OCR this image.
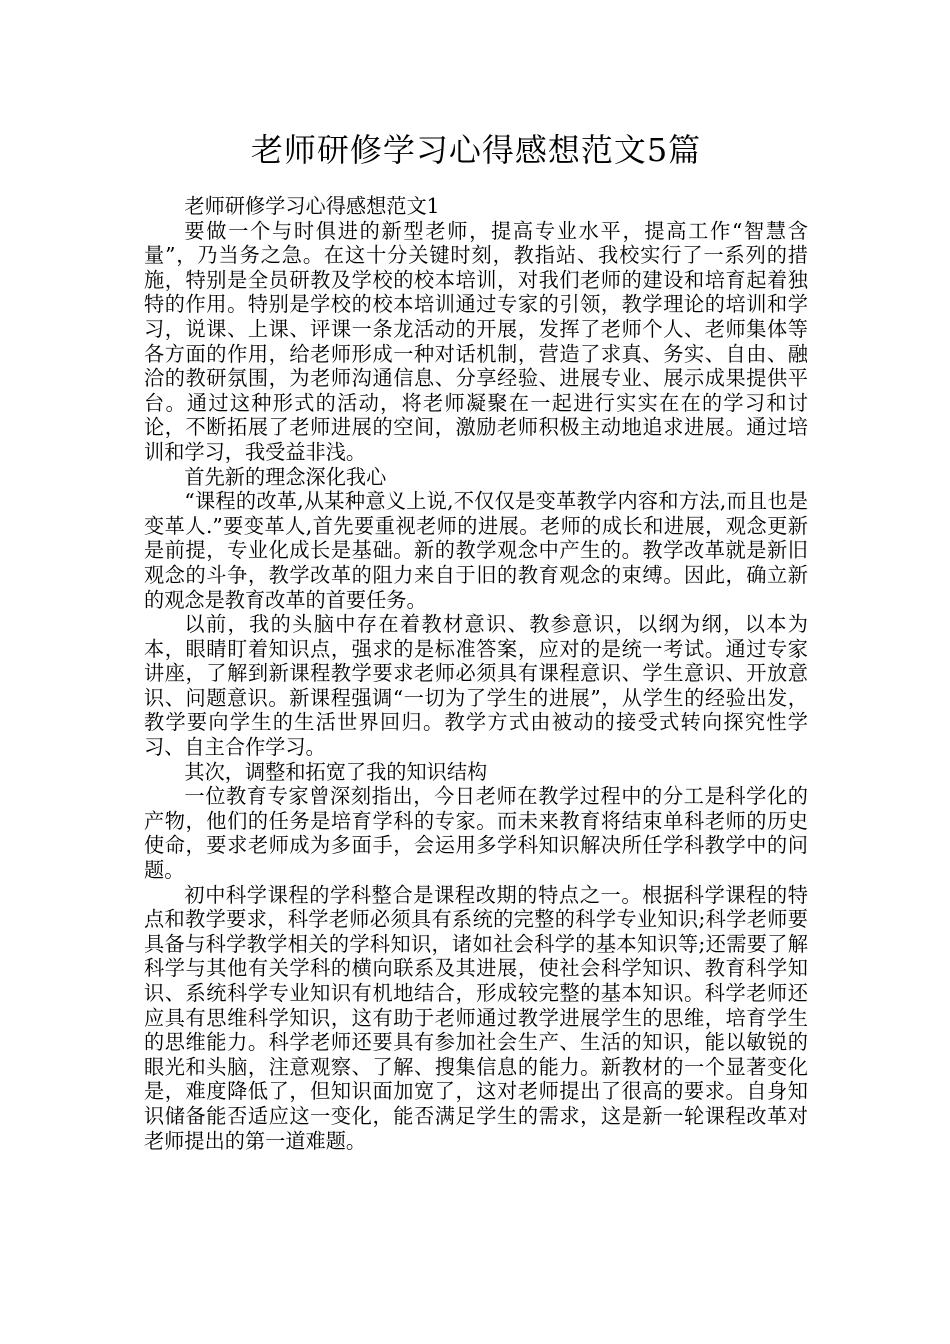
老师研修学习心得感想范文5篇

老师研修学习心得感想范文1

要做一个与时俱进的新型老师，提高专业水平，提高工作“智慧含量”，乃当务之急。在这十分关键时刻，教指站、我校实行了一系列的措施，特别是全员研教及学校的校本培训，对我们老师的建设和培育起着独特的作用。特别是学校的校本培训通过专家的引领，教学理论的培训和学习，说课、上课、评课一条龙活动的开展，发挥了老师个人、老师集体等各方面的作用，给老师形成一种对话机制，营造了求真、务实、自由、融洽的教研氛围，为老师沟通信息、分享经验、进展专业、展示成果提供平台。通过这种形式的活动，将老师凝聚在一起进行实实在在的学习和讨论，不断拓展了老师进展的空间，激励老师积极主动地追求进展。通过培训和学习，我受益非浅。

首先新的理念深化我心

“课程的改革,从某种意义上说,不仅仅是变革教学内容和方法,而且也是变革人.”要变革人,首先要重视老师的进展。老师的成长和进展，观念更新是前提，专业化成长是基础。新的教学观念中产生的。教学改革就是新旧观念的斗争，教学改革的阻力来自于旧的教育观念的束缚。因此，确立新的观念是教育改革的首要任务。

以前，我的头脑中存在着教材意识、教参意识，以纲为纲，以本为本，眼睛盯着知识点，强求的是标准答案，应对的是统一考试。通过专家讲座，了解到新课程教学要求老师必须具有课程意识、学生意识、开放意识、问题意识。新课程强调“一切为了学生的进展”，从学生的经验出发，教学要向学生的生活世界回归。教学方式由被动的接受式转向探究性学习、自主合作学习。

其次，调整和拓宽了我的知识结构

一位教育专家曾深刻指出，今日老师在教学过程中的分工是科学化的产物，他们的任务是培育学科的专家。而未来教育将结束单科老师的历史使命，要求老师成为多面手，会运用多学科知识解决所任学科教学中的问题。

初中科学课程的学科整合是课程改期的特点之一。根据科学课程的特点和教学要求，科学老师必须具有系统的完整的科学专业知识;科学老师要具备与科学教学相关的学科知识，诸如社会科学的基本知识等;还需要了解科学与其他有关学科的横向联系及其进展，使社会科学知识、教育科学知识、系统科学专业知识有机地结合，形成较完整的基本知识。科学老师还应具有思维科学知识，这有助于老师通过教学进展学生的思维，培育学生的思维能力。科学老师还要具有参加社会生产、生活的知识，能以敏锐的眼光和头脑，注意观察、了解、搜集信息的能力。新教材的一个显著变化是，难度降低了，但知识面加宽了，这对老师提出了很高的要求。自身知识储备能否适应这一变化，能否满足学生的需求，这是新一轮课程改革对老师提出的第一道难题。
